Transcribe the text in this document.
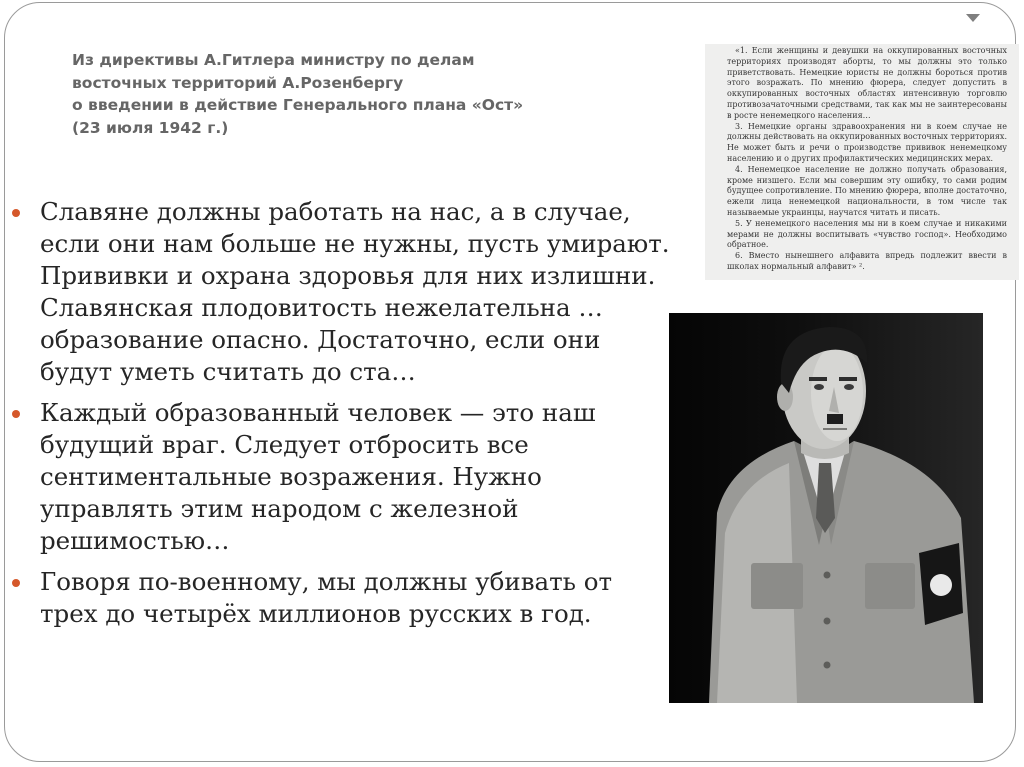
Из директивы А.Гитлера министру по делам
восточных территорий А.Розенбергу
о введении в действие Генерального плана «Ост»
(23 июля 1942 г.)

«1. Если женщины и девушки на оккупированных восточных территориях производят аборты, то мы должны это только приветствовать. Немецкие юристы не должны бороться против этого возражать. По мнению фюрера, следует допустить в оккупированных восточных областях интенсивную торговлю противозачаточными средствами, так как мы не заинтересованы в росте ненемецкого населения…

3. Немецкие органы здравоохранения ни в коем случае не должны действовать на оккупированных восточных территориях. Не может быть и речи о производстве прививок ненемецкому населению и о других профилактических медицинских мерах.

4. Ненемецкое население не должно получать образования, кроме низшего. Если мы совершим эту ошибку, то сами родим будущее сопротивление. По мнению фюрера, вполне достаточно, ежели лица ненемецкой национальности, в том числе так называемые украинцы, научатся читать и писать.

5. У ненемецкого населения мы ни в коем случае и никакими мерами не должны воспитывать «чувство господ». Необходимо обратное.

6. Вместо нынешнего алфавита впредь подлежит ввести в школах нормальный алфавит» ².

Славяне должны работать на нас, а в случае, если они нам больше не нужны, пусть умирают. Прививки и охрана здоровья для них излишни. Славянская плодовитость нежелательна … образование опасно. Достаточно, если они будут уметь считать до ста…
Каждый образованный человек — это наш будущий враг. Следует отбросить все сентиментальные возражения. Нужно управлять этим народом с железной решимостью…
Говоря по-военному, мы должны убивать от трех до четырёх миллионов русских в год.
